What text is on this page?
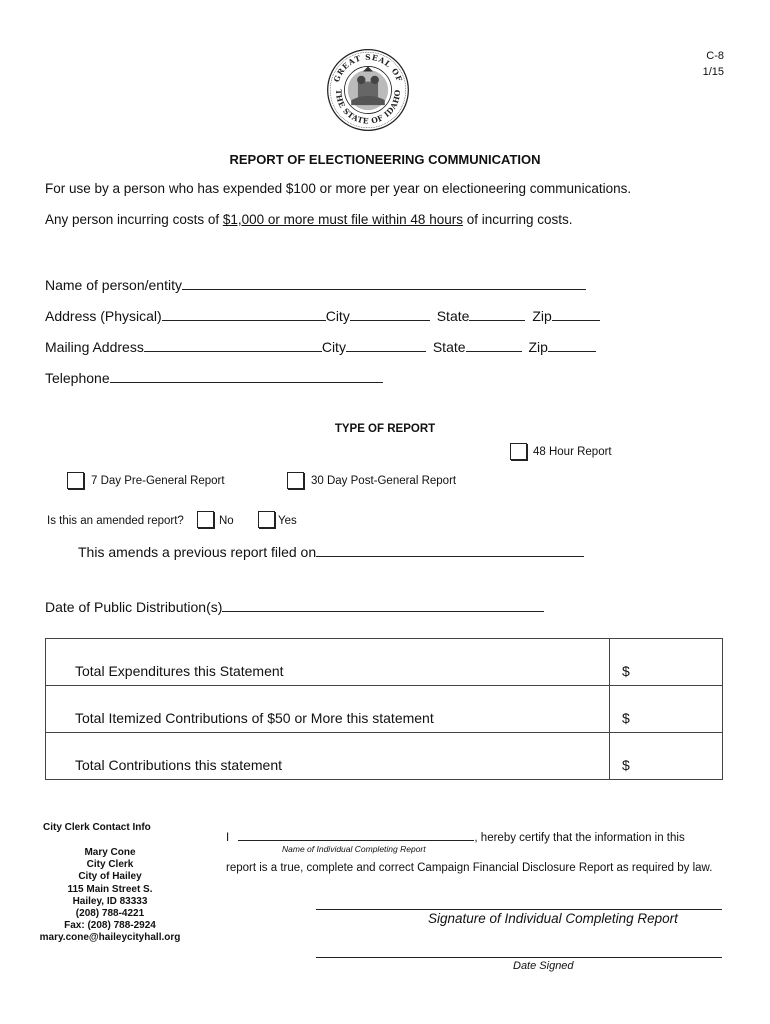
C-8
1/15
GREAT SEAL OF
THE STATE OF IDAHO
REPORT OF ELECTIONEERING COMMUNICATION
For use by a person who has expended $100 or more per year on electioneering communications.
Any person incurring costs of $1,000 or more must file within 48 hours of incurring costs.
Name of person/entity
Address (Physical)	City	State	Zip
Mailing Address	City	State	Zip
Telephone
TYPE OF REPORT
48 Hour Report
7 Day Pre-General Report	30 Day Post-General Report
Is this an amended report?	No	Yes
This amends a previous report filed on
Date of Public Distribution(s)
Total Expenditures this Statement	$
Total Itemized Contributions of $50 or More this statement	$
Total Contributions this statement	$
City Clerk Contact Info
Mary Cone
City Clerk
City of Hailey
115 Main Street S.
Hailey, ID 83333
(208) 788-4221
Fax: (208) 788-2924
mary.cone@haileycityhall.org
I	, hereby certify that the information in this
Name of Individual Completing Report
report is a true, complete and correct Campaign Financial Disclosure Report as required by law.
Signature of Individual Completing Report
Date Signed
